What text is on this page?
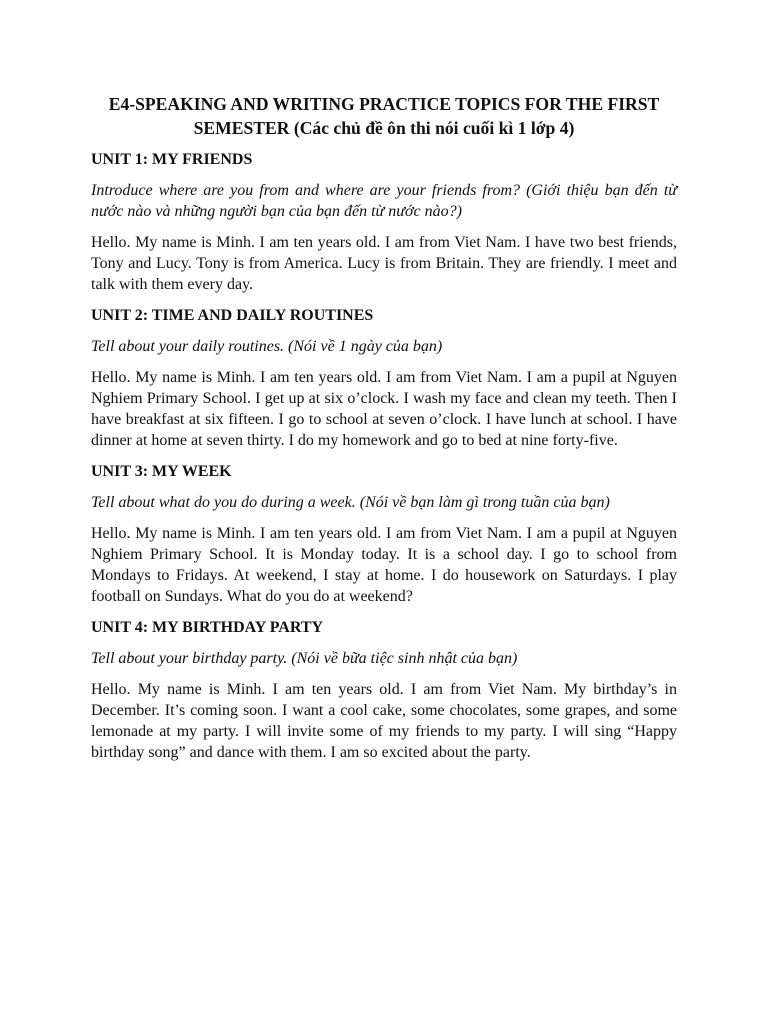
E4-SPEAKING AND WRITING PRACTICE TOPICS FOR THE FIRST SEMESTER (Các chủ đề ôn thi nói cuối kì 1 lớp 4)
UNIT 1: MY FRIENDS

Introduce where are you from and where are your friends from? (Giới thiệu bạn đến từ nước nào và những người bạn của bạn đến từ nước nào?)

Hello. My name is Minh. I am ten years old. I am from Viet Nam. I have two best friends, Tony and Lucy. Tony is from America. Lucy is from Britain. They are friendly. I meet and talk with them every day.

UNIT 2: TIME AND DAILY ROUTINES

Tell about your daily routines. (Nói về 1 ngày của bạn)

Hello. My name is Minh. I am ten years old. I am from Viet Nam. I am a pupil at Nguyen Nghiem Primary School. I get up at six o’clock. I wash my face and clean my teeth. Then I have breakfast at six fifteen. I go to school at seven o’clock. I have lunch at school. I have dinner at home at seven thirty. I do my homework and go to bed at nine forty-five.

UNIT 3: MY WEEK

Tell about what do you do during a week. (Nói về bạn làm gì trong tuần của bạn)

Hello. My name is Minh. I am ten years old. I am from Viet Nam. I am a pupil at Nguyen Nghiem Primary School. It is Monday today. It is a school day. I go to school from Mondays to Fridays. At weekend, I stay at home. I do housework on Saturdays. I play football on Sundays. What do you do at weekend?

UNIT 4: MY BIRTHDAY PARTY

Tell about your birthday party. (Nói về bữa tiệc sinh nhật của bạn)

Hello. My name is Minh. I am ten years old. I am from Viet Nam. My birthday’s in December. It’s coming soon. I want a cool cake, some chocolates, some grapes, and some lemonade at my party. I will invite some of my friends to my party. I will sing “Happy birthday song” and dance with them. I am so excited about the party.
